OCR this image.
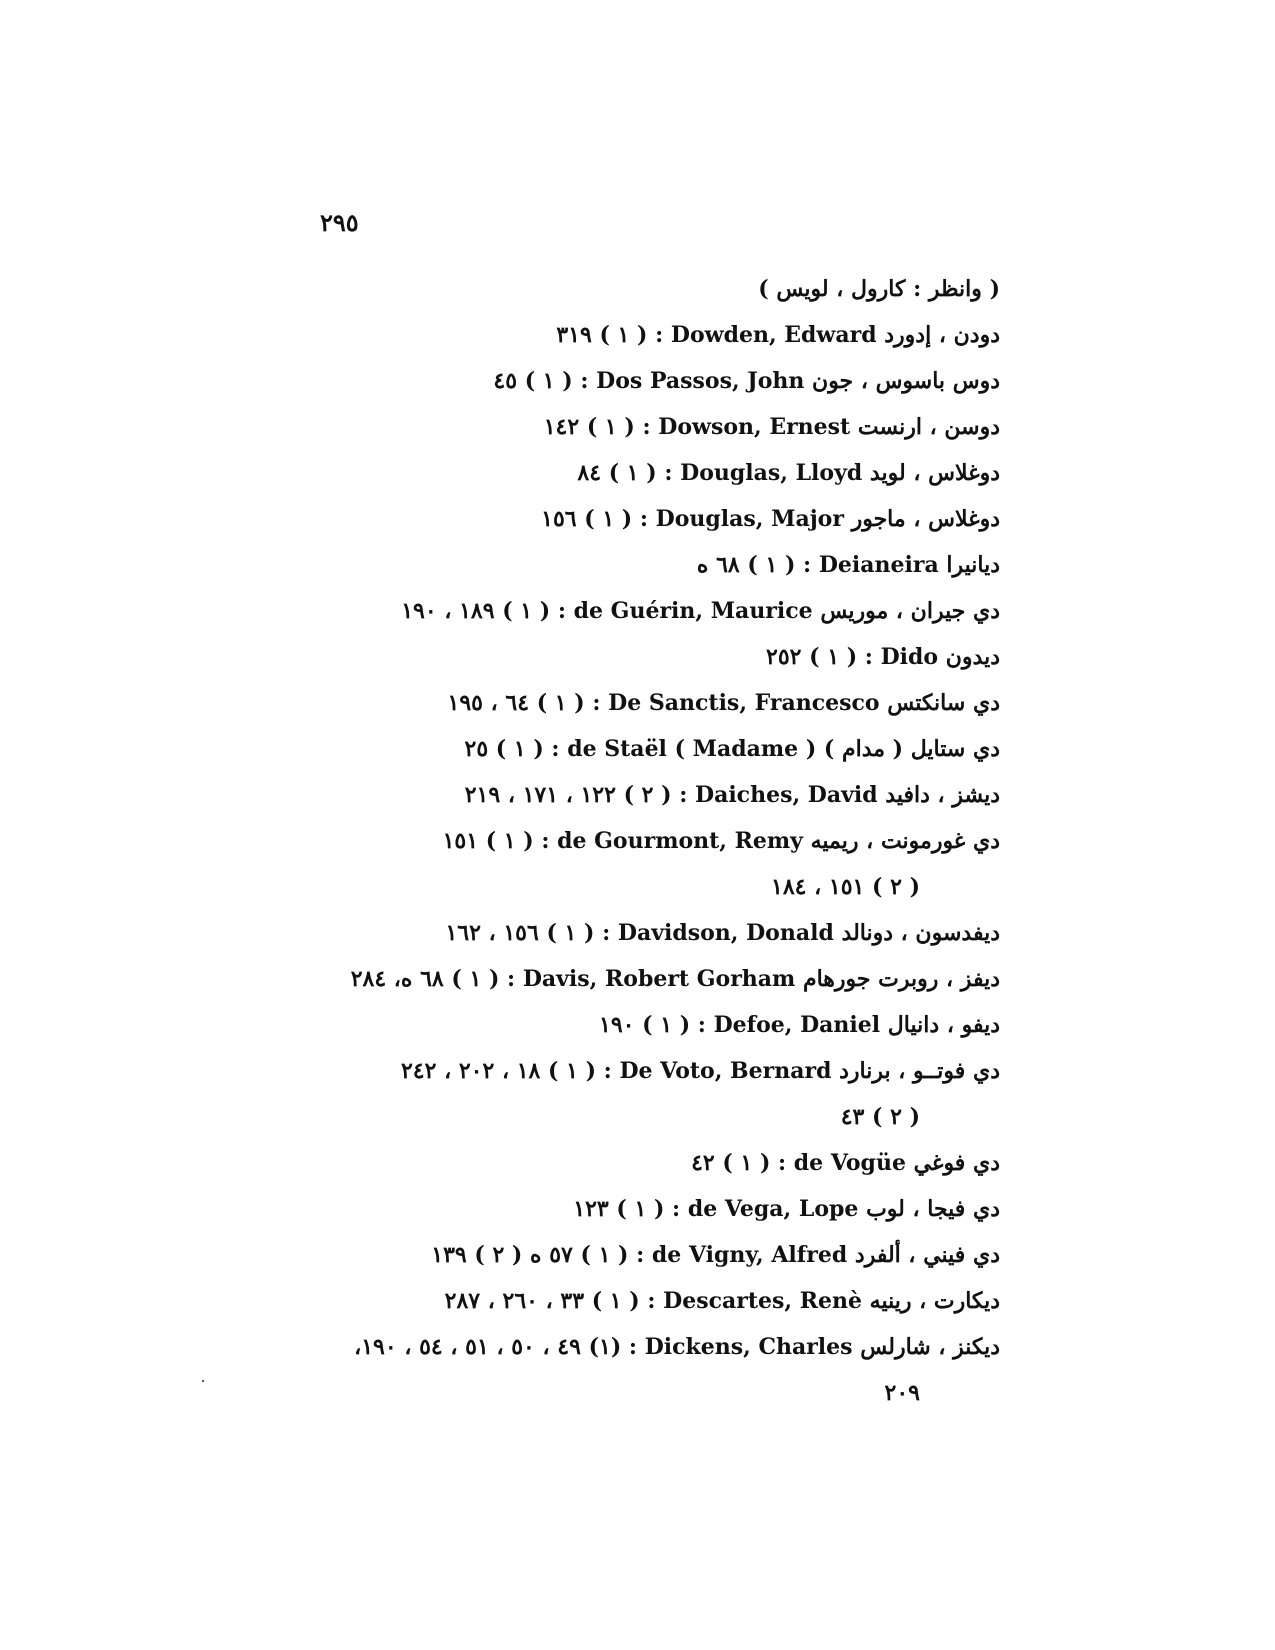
٢٩٥
( وانظر : كارول ، لويس )
دودن ، إدورد Dowden, Edward : ( ١ ) ٣١٩
دوس باسوس ، جون Dos Passos, John : ( ١ ) ٤٥
دوسن ، ارنست Dowson, Ernest : ( ١ ) ١٤٢
دوغلاس ، لويد Douglas, Lloyd : ( ١ ) ٨٤
دوغلاس ، ماجور Douglas, Major : ( ١ ) ١٥٦
ديانيرا Deianeira : ( ١ ) ٦٨ ه
دي جيران ، موريس de Guérin, Maurice : ( ١ ) ١٨٩ ، ١٩٠
ديدون Dido : ( ١ ) ٢٥٢
دي سانكتس De Sanctis, Francesco : ( ١ ) ٦٤ ، ١٩٥
دي ستايل ( مدام ) de Staël ( Madame ) : ( ١ ) ٢٥
ديشز ، دافيد Daiches, David : ( ٢ ) ١٢٢ ، ١٧١ ، ٢١٩
دي غورمونت ، ريميه de Gourmont, Remy : ( ١ ) ١٥١
( ٢ ) ١٥١ ، ١٨٤
ديفدسون ، دونالد Davidson, Donald : ( ١ ) ١٥٦ ، ١٦٢
ديفز ، روبرت جورهام Davis, Robert Gorham : ( ١ ) ٦٨ ه، ٢٨٤
ديفو ، دانيال Defoe, Daniel : ( ١ ) ١٩٠
دي فوتــو ، برنارد De Voto, Bernard : ( ١ ) ١٨ ، ٢٠٢ ، ٢٤٢
( ٢ ) ٤٣
دي فوغي de Vogüe : ( ١ ) ٤٢
دي فيجا ، لوب de Vega, Lope : ( ١ ) ١٢٣
دي فيني ، ألفرد de Vigny, Alfred : ( ١ ) ٥٧ ه ( ٢ ) ١٣٩
ديكارت ، رينيه Descartes, Renè : ( ١ ) ٣٣ ، ٢٦٠ ، ٢٨٧
ديكنز ، شارلس Dickens, Charles : (١) ٤٩ ، ٥٠ ، ٥١ ، ٥٤ ، ١٩٠،
٢٠٩
